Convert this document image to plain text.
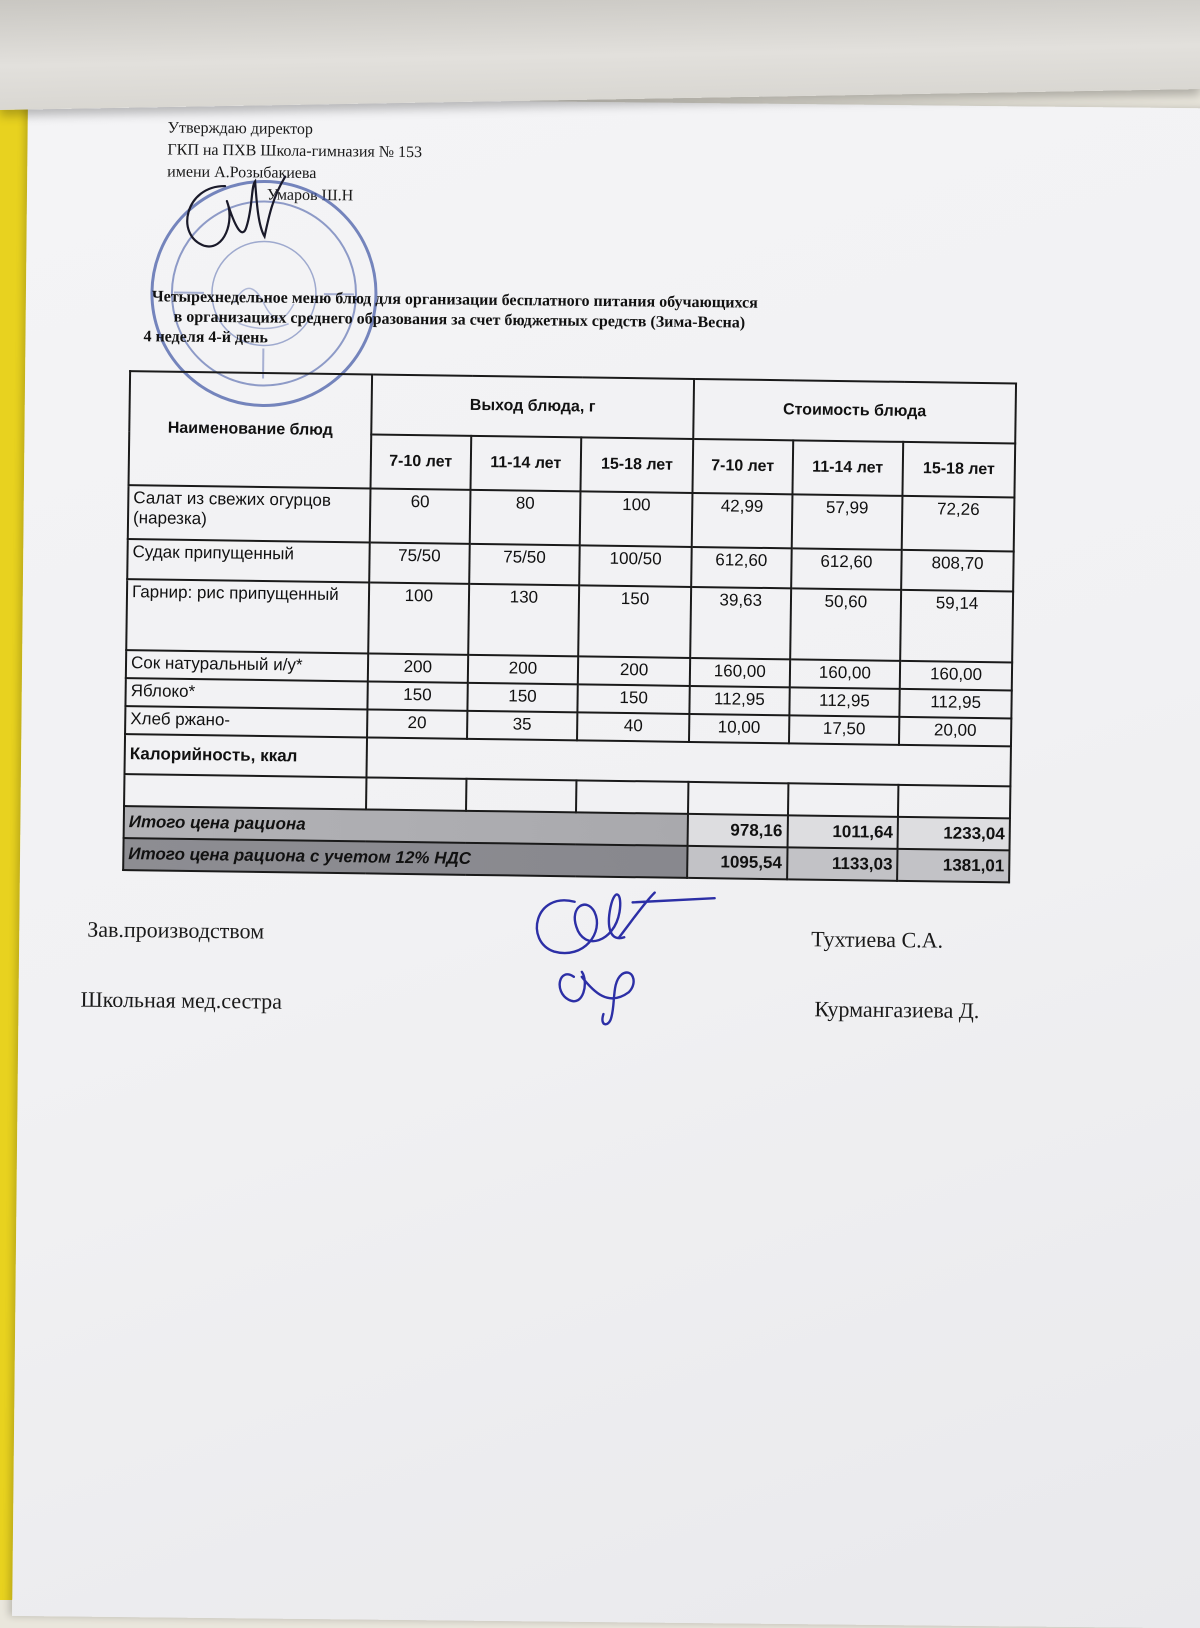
Утверждаю директор
ГКП на ПХВ Школа-гимназия № 153
имени А.Розыбакиева
Умаров Ш.Н
Четырехнедельное меню блюд для организации бесплатного питания обучающихся
в организациях среднего образования за счет бюджетных средств (Зима-Весна)
4 неделя 4-й день
Наименование блюд	Выход блюда, г			Стоимость блюда		
	7-10 лет	11-14 лет	15-18 лет	7-10 лет	11-14 лет	15-18 лет
Салат из свежих огурцов (нарезка)	60	80	100	42,99	57,99	72,26
Судак припущенный	75/50	75/50	100/50	612,60	612,60	808,70
Гарнир: рис припущенный	100	130	150	39,63	50,60	59,14
Сок натуральный и/у*	200	200	200	160,00	160,00	160,00
Яблоко*	150	150	150	112,95	112,95	112,95
Хлеб ржано-	20	35	40	10,00	17,50	20,00
Калорийность, ккал						

Итого цена рациона				978,16	1011,64	1233,04
Итого цена рациона с учетом 12% НДС				1095,54	1133,03	1381,01
Зав.производством	Тухтиева С.А.
Школьная мед.сестра	Курмангазиева Д.
